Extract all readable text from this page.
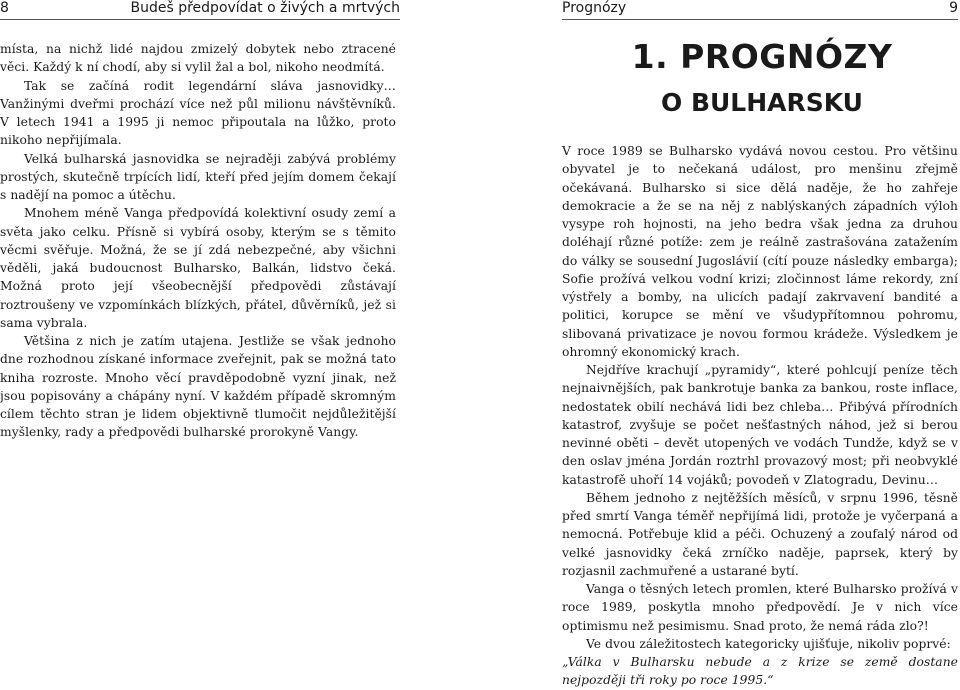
8	Budeš předpovídat o živých a mrtvých

místa, na nichž lidé najdou zmizelý dobytek nebo ztracené věci. Každý k ní chodí, aby si vylil žal a bol, nikoho neodmítá.

Tak se začíná rodit legendární sláva jasnovidky… Vanžinými dveřmi prochází více než půl milionu návštěvníků. V letech 1941 a 1995 ji nemoc připoutala na lůžko, proto nikoho nepřijímala.

Velká bulharská jasnovidka se nejraději zabývá problémy prostých, skutečně trpících lidí, kteří před jejím domem čekají s nadějí na pomoc a útěchu.

Mnohem méně Vanga předpovídá kolektivní osudy zemí a světa jako celku. Přísně si vybírá osoby, kterým se s těmito věcmi svěřuje. Možná, že se jí zdá nebezpečné, aby všichni věděli, jaká budoucnost Bulharsko, Balkán, lidstvo čeká. Možná proto její všeobecnější předpovědi zůstávají roztroušeny ve vzpomínkách blízkých, přátel, důvěrníků, jež si sama vybrala.

Většina z nich je zatím utajena. Jestliže se však jednoho dne rozhodnou získané informace zveřejnit, pak se možná tato kniha rozroste. Mnoho věcí pravděpodobně vyzní jinak, než jsou popisovány a chápány nyní. V každém případě skromným cílem těchto stran je lidem objektivně tlumočit nejdůležitější myšlenky, rady a předpovědi bulharské prorokyně Vangy.

Prognózy	9
1. PROGNÓZY
O BULHARSKU

V roce 1989 se Bulharsko vydává novou cestou. Pro většinu obyvatel je to nečekaná událost, pro menšinu zřejmě očekávaná. Bulharsko si sice dělá naděje, že ho zahřeje demokracie a že se na něj z nablýskaných západních výloh vysype roh hojnosti, na jeho bedra však jedna za druhou doléhají různé potíže: zem je reálně zastrašována zatažením do války se sousední Jugoslávií (cítí pouze následky embarga); Sofie prožívá velkou vodní krizi; zločinnost láme rekordy, zní výstřely a bomby, na ulicích padají zakrvavení bandité a politici, korupce se mění ve všudypřítomnou pohromu, slibovaná privatizace je novou formou krádeže. Výsledkem je ohromný ekonomický krach.

Nejdříve krachují „pyramidy“, které pohlcují peníze těch nejnaivnějších, pak bankrotuje banka za bankou, roste inflace, nedostatek obilí nechává lidi bez chleba… Přibývá přírodních katastrof, zvyšuje se počet nešťastných náhod, jež si berou nevinné oběti – devět utopených ve vodách Tundže, když se v den oslav jména Jordán roztrhl provazový most; při neobvyklé katastrofě uhoří 14 vojáků; povodeň v Zlatogradu, Devinu…

Během jednoho z nejtěžších měsíců, v srpnu 1996, těsně před smrtí Vanga téměř nepřijímá lidi, protože je vyčerpaná a nemocná. Potřebuje klid a péči. Ochuzený a zoufalý národ od velké jasnovidky čeká zrníčko naděje, paprsek, který by rozjasnil zachmuřené a ustarané bytí.

Vanga o těsných letech promlen, které Bulharsko prožívá v roce 1989, poskytla mnoho předpovědí. Je v nich více optimismu než pesimismu. Snad proto, že nemá ráda zlo?!

Ve dvou záležitostech kategoricky ujišťuje, nikoliv poprvé:

„Válka v Bulharsku nebude a z krize se země dostane nejpozději tři roky po roce 1995.“
